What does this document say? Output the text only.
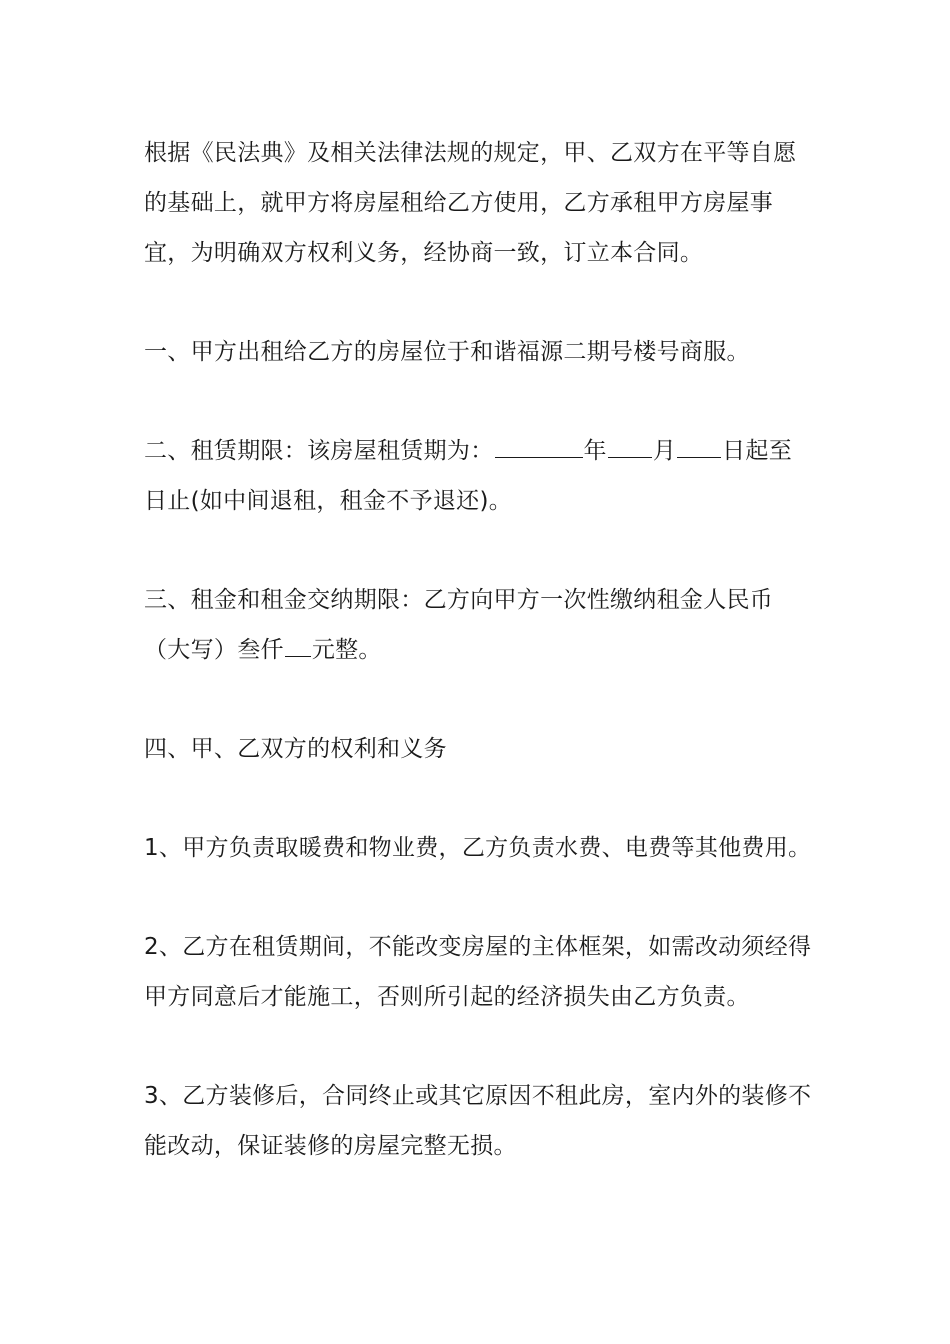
根据《民法典》及相关法律法规的规定，甲、乙双方在平等自愿的基础上，就甲方将房屋租给乙方使用，乙方承租甲方房屋事宜，为明确双方权利义务，经协商一致，订立本合同。

一、甲方出租给乙方的房屋位于和谐福源二期号楼号商服。

二、租赁期限：该房屋租赁期为：	年 月 日起至日止(如中间退租，租金不予退还)。

三、租金和租金交纳期限：乙方向甲方一次性缴纳租金人民币（大写）叁仟 元整。

四、甲、乙双方的权利和义务

1、甲方负责取暖费和物业费，乙方负责水费、电费等其他费用。

2、乙方在租赁期间，不能改变房屋的主体框架，如需改动须经得甲方同意后才能施工，否则所引起的经济损失由乙方负责。

3、乙方装修后，合同终止或其它原因不租此房，室内外的装修不能改动，保证装修的房屋完整无损。
